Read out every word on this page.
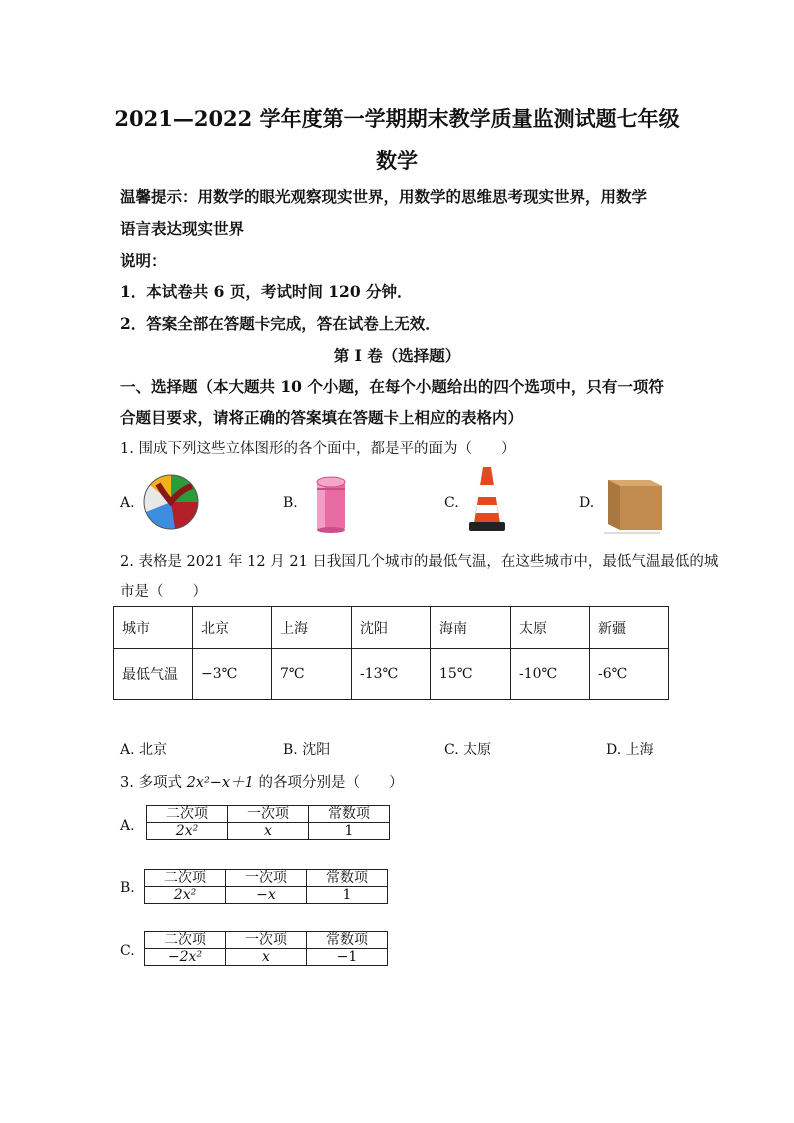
2021—2022 学年度第一学期期末教学质量监测试题七年级
数学
温馨提示：用数学的眼光观察现实世界，用数学的思维思考现实世界，用数学
语言表达现实世界
说明：
1．本试卷共 6 页，考试时间 120 分钟．
2．答案全部在答题卡完成，答在试卷上无效．
第 I 卷（选择题）
一、选择题（本大题共 10 个小题，在每个小题给出的四个选项中，只有一项符
合题目要求，请将正确的答案填在答题卡上相应的表格内）
1. 围成下列这些立体图形的各个面中，都是平的面为（　　）
A.	B.	C.	D.
2. 表格是 2021 年 12 月 21 日我国几个城市的最低气温，在这些城市中，最低气温最低的城
市是（　　）
城市	北京	上海	沈阳	海南	太原	新疆
最低气温	−3℃	7℃	-13℃	15℃	-10℃	-6℃
A. 北京	B. 沈阳	C. 太原	D. 上海
3. 多项式 2x²−x＋1 的各项分别是（　　）
A.
二次项	一次项	常数项
2x²	x	1
B.
二次项	一次项	常数项
2x²	−x	1
C.
二次项	一次项	常数项
−2x²	x	−1
